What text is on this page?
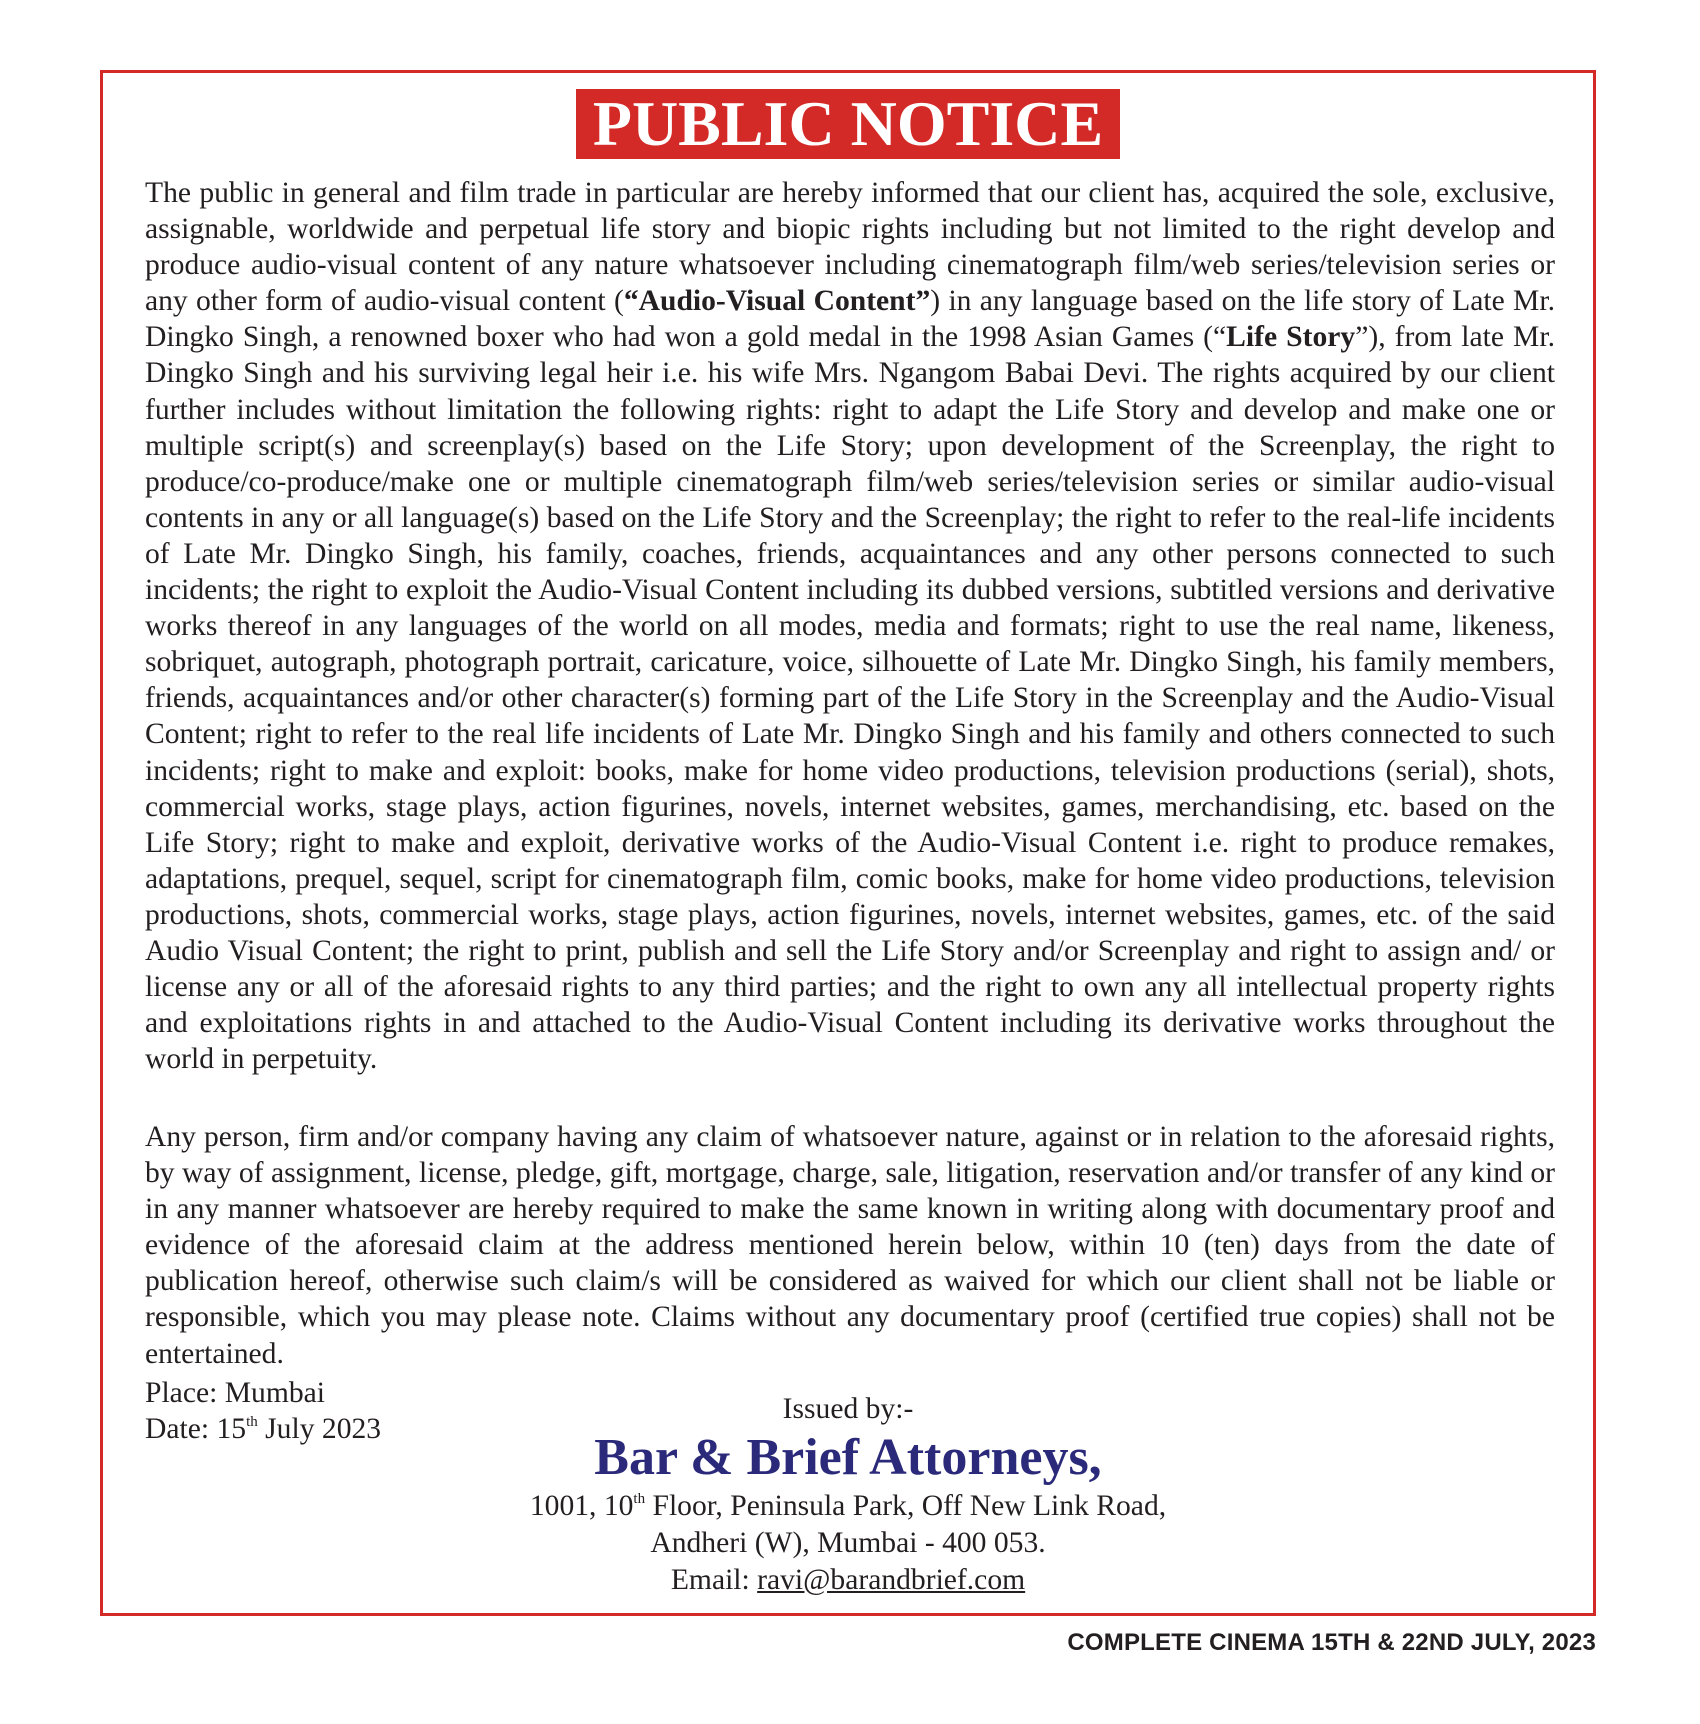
PUBLIC NOTICE

The public in general and film trade in particular are hereby informed that our client has, acquired the sole, exclusive, assignable, worldwide and perpetual life story and biopic rights including but not limited to the right develop and produce audio-visual content of any nature whatsoever including cinematograph film/web series/television series or any other form of audio-visual content (“Audio-Visual Content”) in any language based on the life story of Late Mr. Dingko Singh, a renowned boxer who had won a gold medal in the 1998 Asian Games (“Life Story”), from late Mr. Dingko Singh and his surviving legal heir i.e. his wife Mrs. Ngangom Babai Devi. The rights acquired by our client further includes without limitation the following rights: right to adapt the Life Story and develop and make one or multiple script(s) and screenplay(s) based on the Life Story; upon development of the Screenplay, the right to produce/co-produce/make one or multiple cinematograph film/web series/television series or similar audio-visual contents in any or all language(s) based on the Life Story and the Screenplay; the right to refer to the real-life incidents of Late Mr. Dingko Singh, his family, coaches, friends, acquaintances and any other persons connected to such incidents; the right to exploit the Audio-Visual Content including its dubbed versions, subtitled versions and derivative works thereof in any languages of the world on all modes, media and formats; right to use the real name, likeness, sobriquet, autograph, photograph portrait, caricature, voice, silhouette of Late Mr. Dingko Singh, his family members, friends, acquaintances and/or other character(s) forming part of the Life Story in the Screenplay and the Audio-Visual Content; right to refer to the real life incidents of Late Mr. Dingko Singh and his family and others connected to such incidents; right to make and exploit: books, make for home video productions, television productions (serial), shots, commercial works, stage plays, action figurines, novels, internet websites, games, merchandising, etc. based on the Life Story; right to make and exploit, derivative works of the Audio-Visual Content i.e. right to produce remakes, adaptations, prequel, sequel, script for cinematograph film, comic books, make for home video productions, television productions, shots, commercial works, stage plays, action figurines, novels, internet websites, games, etc. of the said Audio Visual Content; the right to print, publish and sell the Life Story and/or Screenplay and right to assign and/ or license any or all of the aforesaid rights to any third parties; and the right to own any all intellectual property rights and exploitations rights in and attached to the Audio-Visual Content including its derivative works throughout the world in perpetuity.

Any person, firm and/or company having any claim of whatsoever nature, against or in relation to the aforesaid rights, by way of assignment, license, pledge, gift, mortgage, charge, sale, litigation, reservation and/or transfer of any kind or in any manner whatsoever are hereby required to make the same known in writing along with documentary proof and evidence of the aforesaid claim at the address mentioned herein below, within 10 (ten) days from the date of publication hereof, otherwise such claim/s will be considered as waived for which our client shall not be liable or responsible, which you may please note. Claims without any documentary proof (certified true copies) shall not be entertained.

Place: Mumbai
Date: 15th July 2023
Issued by:-
Bar & Brief Attorneys,
1001, 10th Floor, Peninsula Park, Off New Link Road,
Andheri (W), Mumbai - 400 053.
Email: ravi@barandbrief.com
COMPLETE CINEMA 15TH & 22ND JULY, 2023
